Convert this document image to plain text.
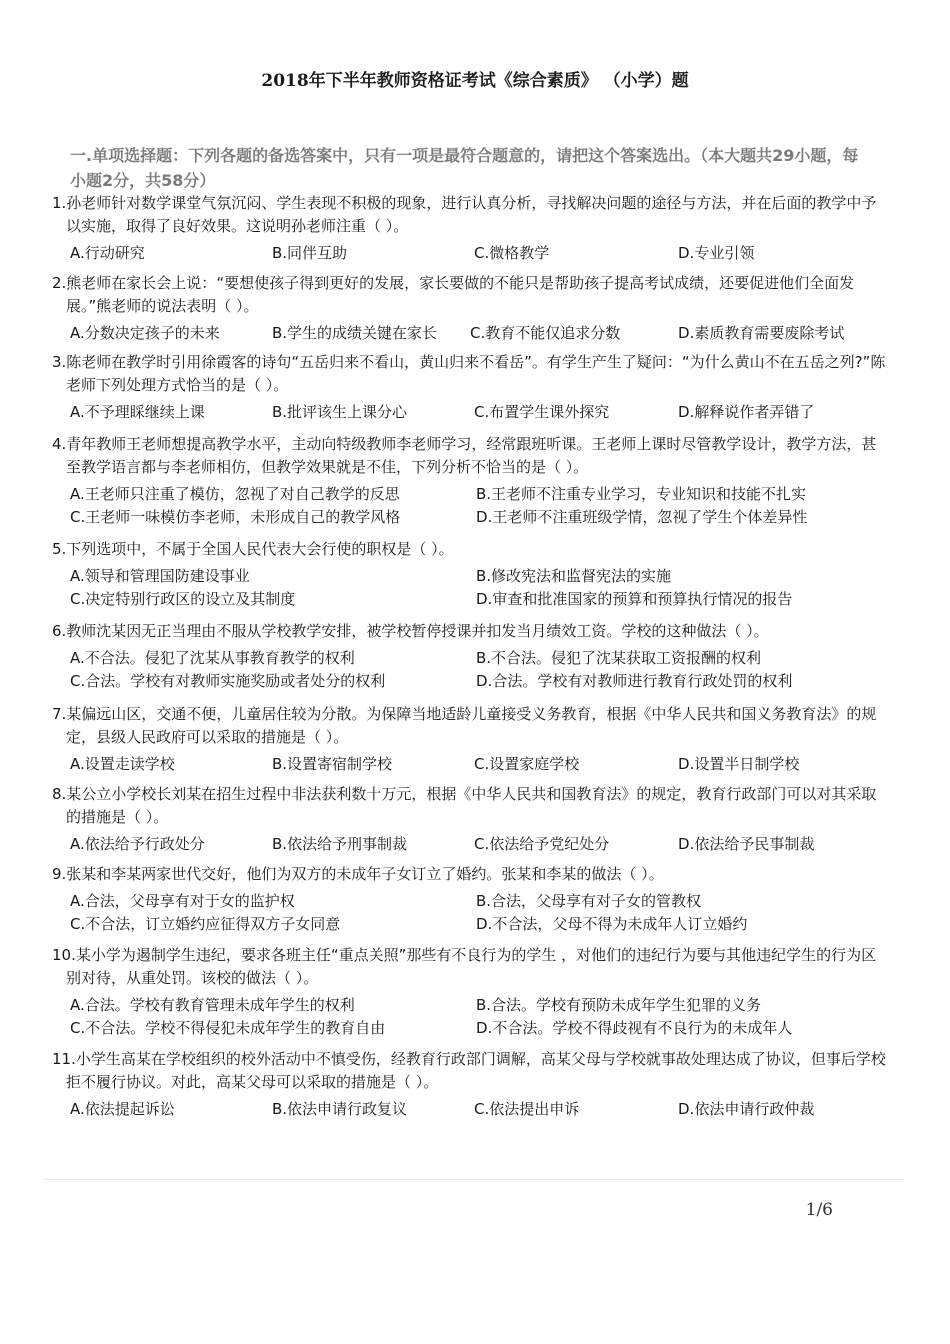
2018年下半年教师资格证考试《综合素质》 （小学）题
一.单项选择题：下列各题的备选答案中，只有一项是最符合题意的，请把这个答案选出。（本大题共29小题，每小题2分，共58分）
1.孙老师针对数学课堂气氛沉闷、学生表现不积极的现象，进行认真分析，寻找解决问题的途径与方法，并在后面的教学中予以实施，取得了良好效果。这说明孙老师注重（ ）。
A.行动研究	B.同伴互助	C.微格教学	D.专业引领
2.熊老师在家长会上说：“要想使孩子得到更好的发展，家长要做的不能只是帮助孩子提高考试成绩，还要促进他们全面发展。”熊老师的说法表明（ ）。
A.分数决定孩子的未来	B.学生的成绩关键在家长 C.教育不能仅追求分数	D.素质教育需要废除考试
3.陈老师在教学时引用徐霞客的诗句“五岳归来不看山，黄山归来不看岳”。有学生产生了疑问：“为什么黄山不在五岳之列?”陈老师下列处理方式恰当的是（ ）。
A.不予理睬继续上课	B.批评该生上课分心	C.布置学生课外探究	D.解释说作者弄错了
4.青年教师王老师想提高教学水平，主动向特级教师李老师学习，经常跟班听课。王老师上课时尽管教学设计，教学方法，甚至教学语言都与李老师相仿，但教学效果就是不佳，下列分析不恰当的是（ ）。
A.王老师只注重了模仿，忽视了对自己教学的反思	B.王老师不注重专业学习，专业知识和技能不扎实
C.王老师一味模仿李老师，未形成自己的教学风格	D.王老师不注重班级学情，忽视了学生个体差异性
5.下列选项中，不属于全国人民代表大会行使的职权是（ ）。
A.领导和管理国防建设事业	B.修改宪法和监督宪法的实施
C.决定特别行政区的设立及其制度	D.审查和批准国家的预算和预算执行情况的报告
6.教师沈某因无正当理由不服从学校教学安排，被学校暂停授课并扣发当月绩效工资。学校的这种做法（ ）。
A.不合法。侵犯了沈某从事教育教学的权利	B.不合法。侵犯了沈某获取工资报酬的权利
C.合法。学校有对教师实施奖励或者处分的权利	D.合法。学校有对教师进行教育行政处罚的权利
7.某偏远山区，交通不便，儿童居住较为分散。为保障当地适龄儿童接受义务教育，根据《中华人民共和国义务教育法》的规定，县级人民政府可以采取的措施是（ ）。
A.设置走读学校	B.设置寄宿制学校	C.设置家庭学校	D.设置半日制学校
8.某公立小学校长刘某在招生过程中非法获利数十万元，根据《中华人民共和国教育法》的规定，教育行政部门可以对其采取的措施是（ ）。
A.依法给予行政处分	B.依法给予刑事制裁	C.依法给予党纪处分	D.依法给予民事制裁
9.张某和李某两家世代交好，他们为双方的未成年子女订立了婚约。张某和李某的做法（ ）。
A.合法，父母享有对于女的监护权	B.合法，父母享有对子女的管教权
C.不合法，订立婚约应征得双方子女同意	D.不合法，父母不得为未成年人订立婚约
10.某小学为遏制学生违纪，要求各班主任“重点关照”那些有不良行为的学生 ，对他们的违纪行为要与其他违纪学生的行为区别对待，从重处罚。该校的做法（ ）。
A.合法。学校有教育管理未成年学生的权利	B.合法。学校有预防未成年学生犯罪的义务
C.不合法。学校不得侵犯未成年学生的教育自由	D.不合法。学校不得歧视有不良行为的未成年人
11.小学生高某在学校组织的校外活动中不慎受伤，经教育行政部门调解，高某父母与学校就事故处理达成了协议，但事后学校拒不履行协议。对此，高某父母可以采取的措施是（ ）。
A.依法提起诉讼	B.依法申请行政复议	C.依法提出申诉	D.依法申请行政仲裁
1/6
